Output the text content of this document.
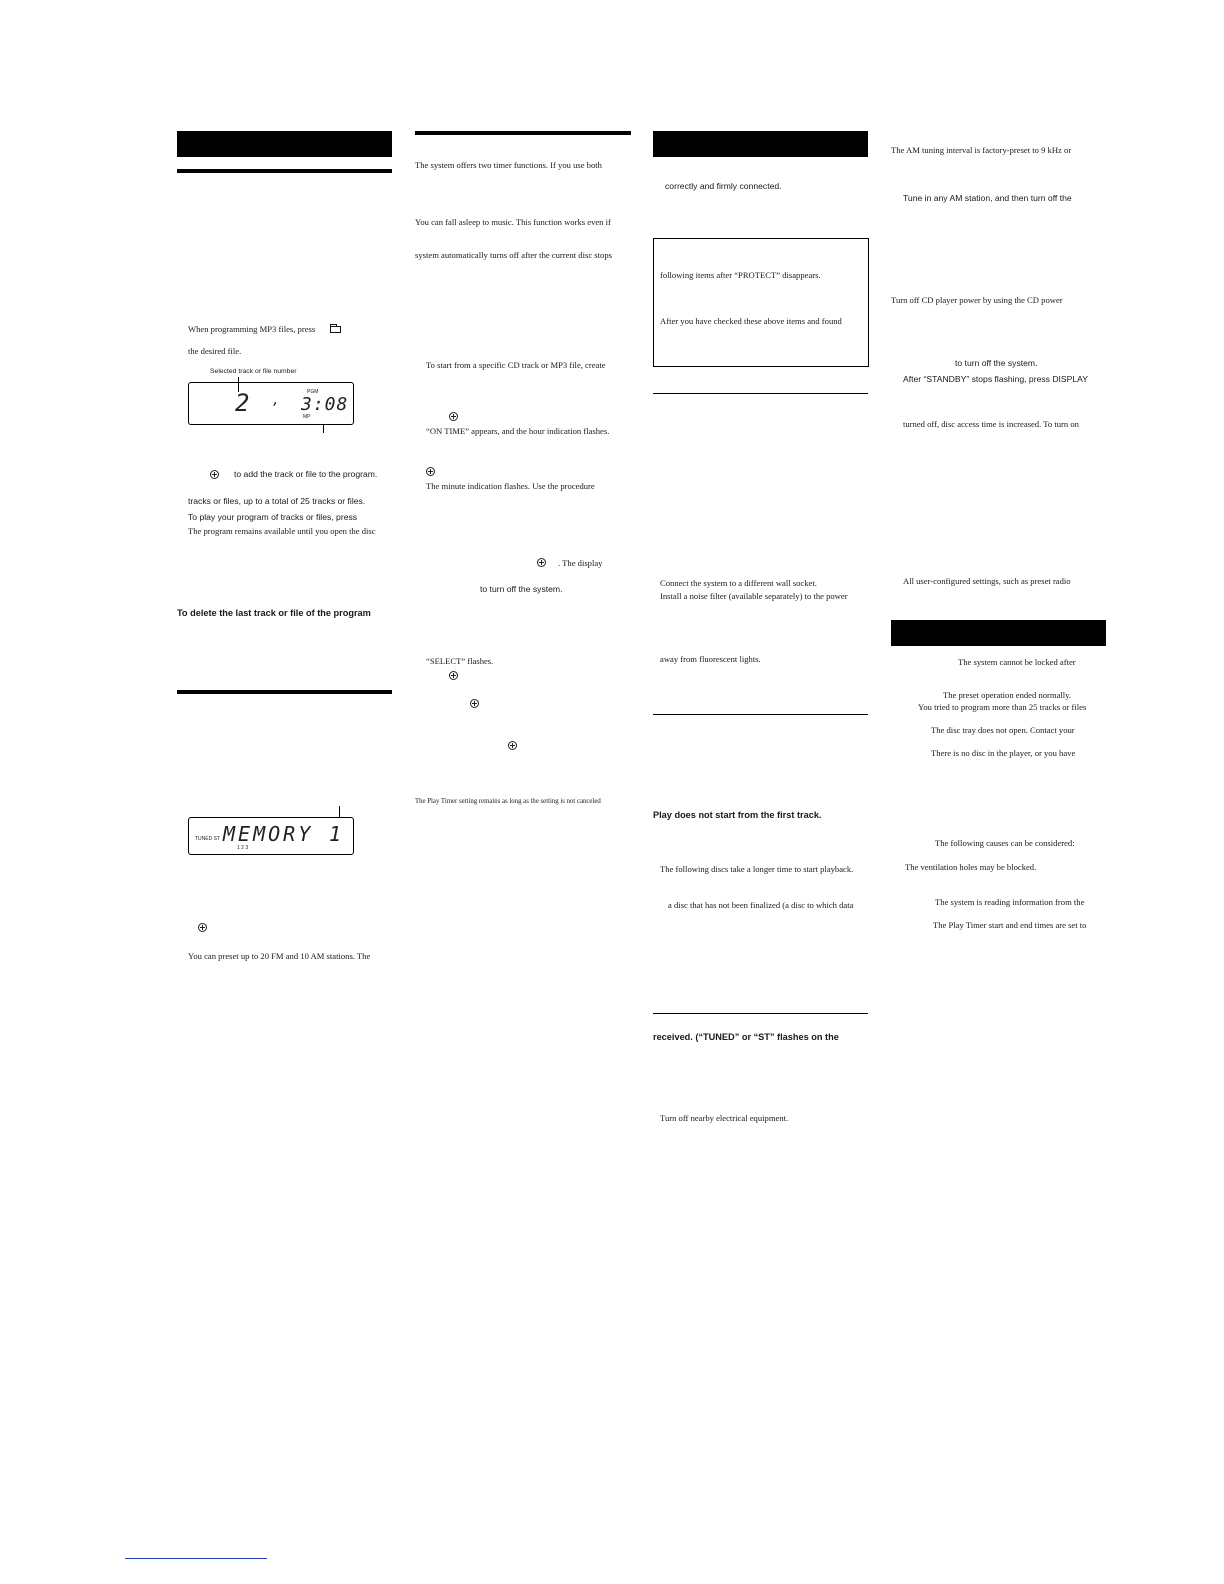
When programming MP3 files, press
the desired file.
Selected track or file number
2 ,
PGM
3:08
MP
to add the track or file to the program.
tracks or files, up to a total of 25 tracks or files.
To play your program of tracks or files, press
The program remains available until you open the disc
To delete the last track or file of the program
TUNED ST MEMORY 1
1 2 3
You can preset up to 20 FM and 10 AM stations. The
The system offers two timer functions. If you use both
You can fall asleep to music. This function works even if
system automatically turns off after the current disc stops
To start from a specific CD track or MP3 file, create
“ON TIME” appears, and the hour indication flashes.
The minute indication flashes. Use the procedure
. The display
to turn off the system.
“SELECT” flashes.
The Play Timer setting remains as long as the setting is not canceled
correctly and firmly connected.
following items after “PROTECT” disappears.
After you have checked these above items and found
Connect the system to a different wall socket.
Install a noise filter (available separately) to the power
away from fluorescent lights.
Play does not start from the first track.
The following discs take a longer time to start playback.
a disc that has not been finalized (a disc to which data
received. (“TUNED” or “ST” flashes on the
Turn off nearby electrical equipment.
The AM tuning interval is factory-preset to 9 kHz or
Tune in any AM station, and then turn off the
Turn off CD player power by using the CD power
to turn off the system.
After “STANDBY” stops flashing, press DISPLAY
turned off, disc access time is increased. To turn on
All user-configured settings, such as preset radio
The system cannot be locked after
The preset operation ended normally.
You tried to program more than 25 tracks or files
The disc tray does not open. Contact your
There is no disc in the player, or you have
The following causes can be considered:
The ventilation holes may be blocked.
The system is reading information from the
The Play Timer start and end times are set to
